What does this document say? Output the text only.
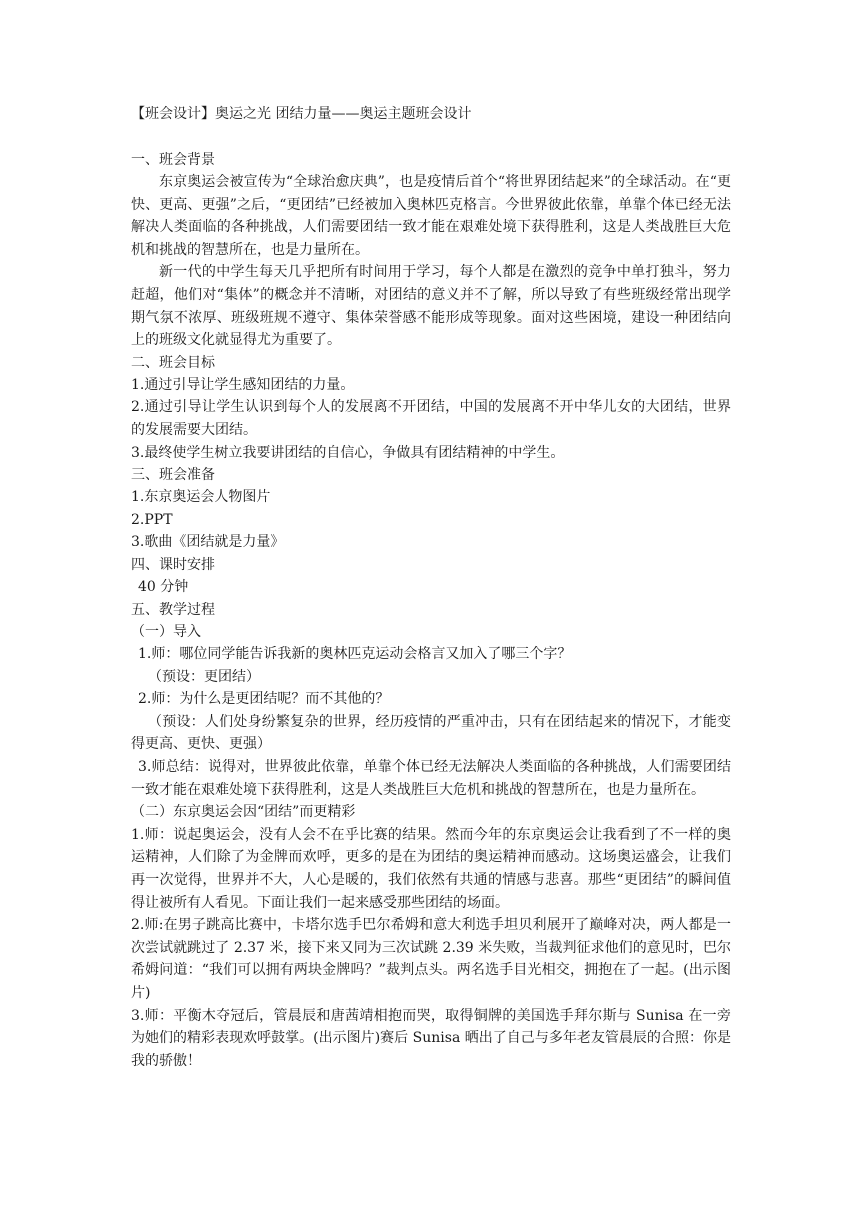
【班会设计】奥运之光 团结力量——奥运主题班会设计

一、班会背景

东京奥运会被宣传为“全球治愈庆典”，也是疫情后首个“将世界团结起来”的全球活动。在“更快、更高、更强”之后，“更团结”已经被加入奥林匹克格言。今世界彼此依靠，单靠个体已经无法解决人类面临的各种挑战，人们需要团结一致才能在艰难处境下获得胜利，这是人类战胜巨大危机和挑战的智慧所在，也是力量所在。

新一代的中学生每天几乎把所有时间用于学习，每个人都是在激烈的竞争中单打独斗，努力赶超，他们对“集体”的概念并不清晰，对团结的意义并不了解，所以导致了有些班级经常出现学期气氛不浓厚、班级班规不遵守、集体荣誉感不能形成等现象。面对这些困境，建设一种团结向上的班级文化就显得尤为重要了。

二、班会目标

1.通过引导让学生感知团结的力量。

2.通过引导让学生认识到每个人的发展离不开团结，中国的发展离不开中华儿女的大团结，世界的发展需要大团结。

3.最终使学生树立我要讲团结的自信心，争做具有团结精神的中学生。

三、班会准备

1.东京奥运会人物图片

2.PPT

3.歌曲《团结就是力量》

四、课时安排

40 分钟

五、教学过程

（一）导入

1.师：哪位同学能告诉我新的奥林匹克运动会格言又加入了哪三个字？

（预设：更团结）

2.师：为什么是更团结呢？而不其他的？

（预设：人们处身纷繁复杂的世界，经历疫情的严重冲击，只有在团结起来的情况下，才能变得更高、更快、更强）

3.师总结：说得对，世界彼此依靠，单靠个体已经无法解决人类面临的各种挑战，人们需要团结一致才能在艰难处境下获得胜利，这是人类战胜巨大危机和挑战的智慧所在，也是力量所在。

（二）东京奥运会因“团结”而更精彩

1.师：说起奥运会，没有人会不在乎比赛的结果。然而今年的东京奥运会让我看到了不一样的奥运精神，人们除了为金牌而欢呼，更多的是在为团结的奥运精神而感动。这场奥运盛会，让我们再一次觉得，世界并不大，人心是暖的，我们依然有共通的情感与悲喜。那些“更团结”的瞬间值得让被所有人看见。下面让我们一起来感受那些团结的场面。

2.师:在男子跳高比赛中，卡塔尔选手巴尔希姆和意大利选手坦贝利展开了巅峰对决，两人都是一次尝试就跳过了 2.37 米，接下来又同为三次试跳 2.39 米失败，当裁判征求他们的意见时，巴尔希姆问道：“我们可以拥有两块金牌吗？”裁判点头。两名选手目光相交，拥抱在了一起。(出示图片)

3.师：平衡木夺冠后，管晨辰和唐茜靖相抱而哭，取得铜牌的美国选手拜尔斯与 Sunisa 在一旁为她们的精彩表现欢呼鼓掌。(出示图片)赛后 Sunisa 晒出了自己与多年老友管晨辰的合照：你是我的骄傲！
